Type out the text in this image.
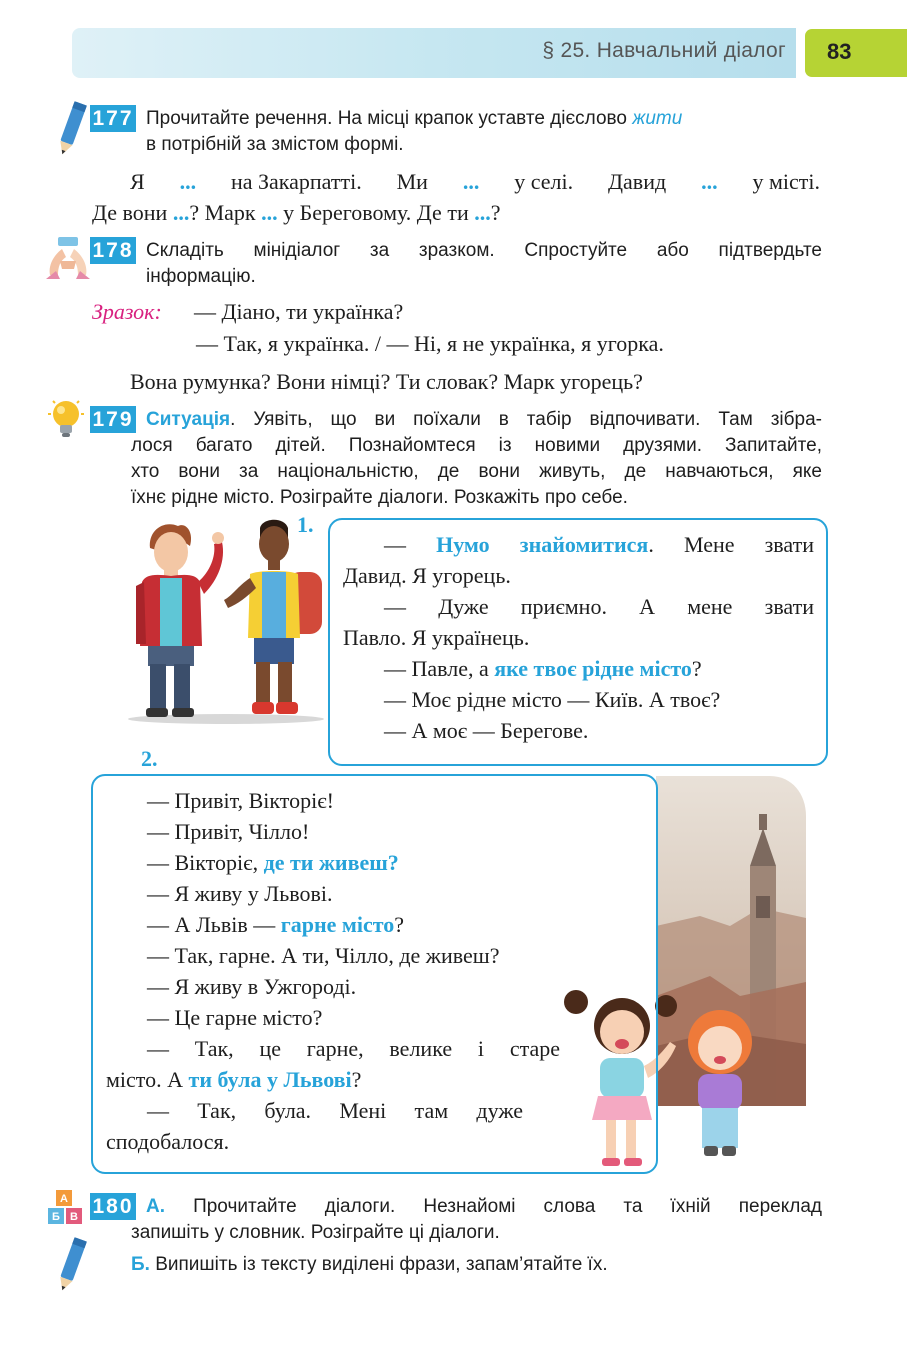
§ 25. Навчальний діалог	83
177 Прочитайте речення. На місці крапок уставте дієслово жити
в потрібній за змістом формі.
Я ... на Закарпатті. Ми ... у селі. Давид ... у місті.
Де вони ...? Марк ... у Береговому. Де ти ...?
178 Складіть мінідіалог за зразком. Спростуйте або підтвердьте
інформацію.
Зразок: — Діано, ти українка?
— Так, я українка. / — Ні, я не українка, я угорка.
Вона румунка? Вони німці? Ти словак? Марк угорець?
179 Ситуація. Уявіть, що ви поїхали в табір відпочивати. Там зібра-
лося багато дітей. Познайомтеся із новими друзями. Запитайте,
хто вони за національністю, де вони живуть, де навчаються, яке
їхнє рідне місто. Розіграйте діалоги. Розкажіть про себе.
1.
— Нумо знайомитися. Мене звати
Давид. Я угорець.
— Дуже приємно. А мене звати
Павло. Я українець.
— Павле, а яке твоє рідне місто?
— Моє рідне місто — Київ. А твоє?
— А моє — Берегове.
2.
— Привіт, Вікторіє!
— Привіт, Чілло!
— Вікторіє, де ти живеш?
— Я живу у Львові.
— А Львів — гарне місто?
— Так, гарне. А ти, Чілло, де живеш?
— Я живу в Ужгороді.
— Це гарне місто?
— Так, це гарне, велике і старе
місто. А ти була у Львові?
— Так, була. Мені там дуже
сподобалося.
A
Б В 180 А. Прочитайте діалоги. Незнайомі слова та їхній переклад
запишіть у словник. Розіграйте ці діалоги.
Б. Випишіть із тексту виділені фрази, запам’ятайте їх.
